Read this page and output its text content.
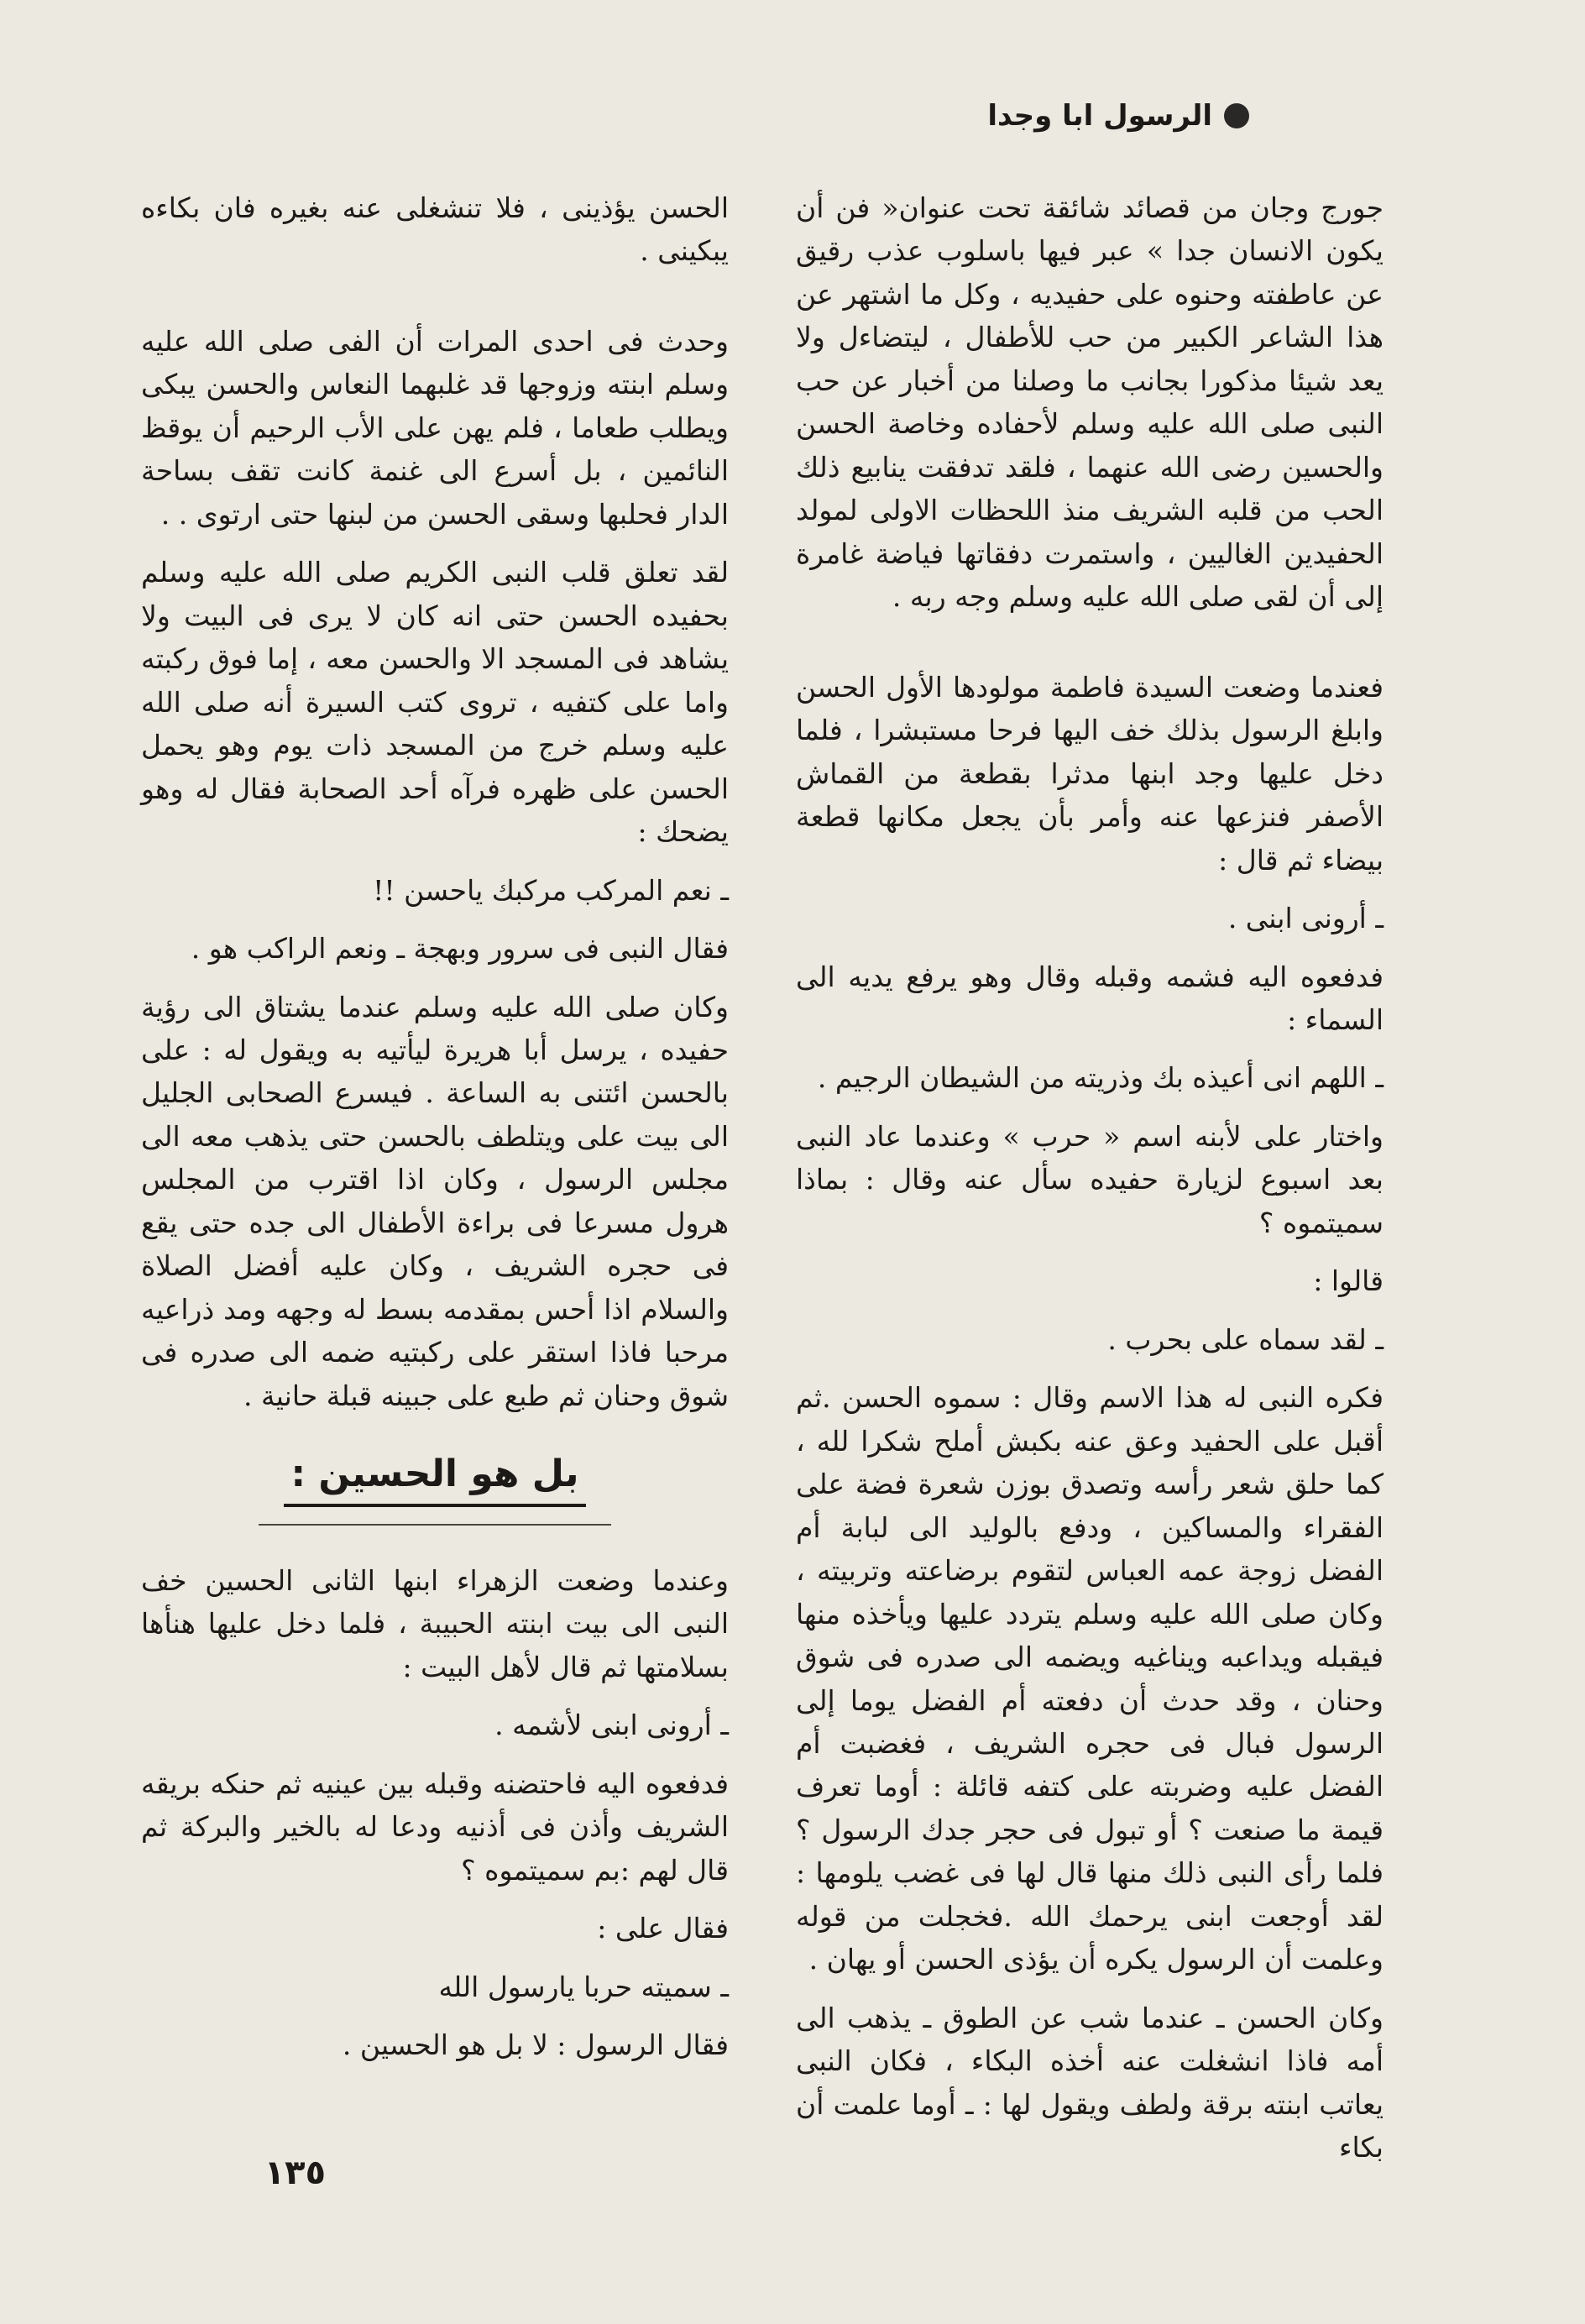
الرسول ابا وجدا

جورج وجان من قصائد شائقة تحت عنوان« فن أن يكون الانسان جدا » عبر فيها باسلوب عذب رقيق عن عاطفته وحنوه على حفيديه ، وكل ما اشتهر عن هذا الشاعر الكبير من حب للأطفال ، ليتضاءل ولا يعد شيئا مذكورا بجانب ما وصلنا من أخبار عن حب النبى صلى الله عليه وسلم لأحفاده وخاصة الحسن والحسين رضى الله عنهما ، فلقد تدفقت ينابيع ذلك الحب من قلبه الشريف منذ اللحظات الاولى لمولد الحفيدين الغاليين ، واستمرت دفقاتها فياضة غامرة إلى أن لقى صلى الله عليه وسلم وجه ربه .

فعندما وضعت السيدة فاطمة مولودها الأول الحسن وابلغ الرسول بذلك خف اليها فرحا مستبشرا ، فلما دخل عليها وجد ابنها مدثرا بقطعة من القماش الأصفر فنزعها عنه وأمر بأن يجعل مكانها قطعة بيضاء ثم قال :

ـ أرونى ابنى .

فدفعوه اليه فشمه وقبله وقال وهو يرفع يديه الى السماء :

ـ اللهم انى أعيذه بك وذريته من الشيطان الرجيم .

واختار على لأبنه اسم « حرب » وعندما عاد النبى بعد اسبوع لزيارة حفيده سأل عنه وقال : بماذا سميتموه ؟

قالوا :

ـ لقد سماه على بحرب .

فكره النبى له هذا الاسم وقال : سموه الحسن .ثم أقبل على الحفيد وعق عنه بكبش أملح شكرا لله ، كما حلق شعر رأسه وتصدق بوزن شعرة فضة على الفقراء والمساكين ، ودفع بالوليد الى لبابة أم الفضل زوجة عمه العباس لتقوم برضاعته وتربيته ، وكان صلى الله عليه وسلم يتردد عليها ويأخذه منها فيقبله ويداعبه ويناغيه ويضمه الى صدره فى شوق وحنان ، وقد حدث أن دفعته أم الفضل يوما إلى الرسول فبال فى حجره الشريف ، فغضبت أم الفضل عليه وضربته على كتفه قائلة : أوما تعرف قيمة ما صنعت ؟ أو تبول فى حجر جدك الرسول ؟فلما رأى النبى ذلك منها قال لها فى غضب يلومها : لقد أوجعت ابنى يرحمك الله .فخجلت من قوله وعلمت أن الرسول يكره أن يؤذى الحسن أو يهان .

وكان الحسن ـ عندما شب عن الطوق ـ يذهب الى أمه فاذا انشغلت عنه أخذه البكاء ، فكان النبى يعاتب ابنته برقة ولطف ويقول لها : ـ أوما علمت أن بكاء

الحسن يؤذينى ، فلا تنشغلى عنه بغيره فان بكاءه يبكينى .

وحدث فى احدى المرات أن الفى صلى الله عليه وسلم ابنته وزوجها قد غلبهما النعاس والحسن يبكى ويطلب طعاما ، فلم يهن على الأب الرحيم أن يوقظ النائمين ، بل أسرع الى غنمة كانت تقف بساحة الدار فحلبها وسقى الحسن من لبنها حتى ارتوى . .

لقد تعلق قلب النبى الكريم صلى الله عليه وسلم بحفيده الحسن حتى انه كان لا يرى فى البيت ولا يشاهد فى المسجد الا والحسن معه ، إما فوق ركبته واما على كتفيه ، تروى كتب السيرة أنه صلى الله عليه وسلم خرج من المسجد ذات يوم وهو يحمل الحسن على ظهره فرآه أحد الصحابة فقال له وهو يضحك :

ـ نعم المركب مركبك ياحسن !!

فقال النبى فى سرور وبهجة ـ ونعم الراكب هو .

وكان صلى الله عليه وسلم عندما يشتاق الى رؤية حفيده ، يرسل أبا هريرة ليأتيه به ويقول له : على بالحسن ائتنى به الساعة . فيسرع الصحابى الجليل الى بيت على ويتلطف بالحسن حتى يذهب معه الى مجلس الرسول ، وكان اذا اقترب من المجلس هرول مسرعا فى براءة الأطفال الى جده حتى يقع فى حجره الشريف ، وكان عليه أفضل الصلاة والسلام اذا أحس بمقدمه بسط له وجهه ومد ذراعيه مرحبا فاذا استقر على ركبتيه ضمه الى صدره فى شوق وحنان ثم طبع على جبينه قبلة حانية .

بل هو الحسين :

وعندما وضعت الزهراء ابنها الثانى الحسين خف النبى الى بيت ابنته الحبيبة ، فلما دخل عليها هنأها بسلامتها ثم قال لأهل البيت :

ـ أرونى ابنى لأشمه .

فدفعوه اليه فاحتضنه وقبله بين عينيه ثم حنكه بريقه الشريف وأذن فى أذنيه ودعا له بالخير والبركة ثم قال لهم :بم سميتموه ؟

فقال على :

ـ سميته حربا يارسول الله

فقال الرسول : لا بل هو الحسين .

١٣٥
